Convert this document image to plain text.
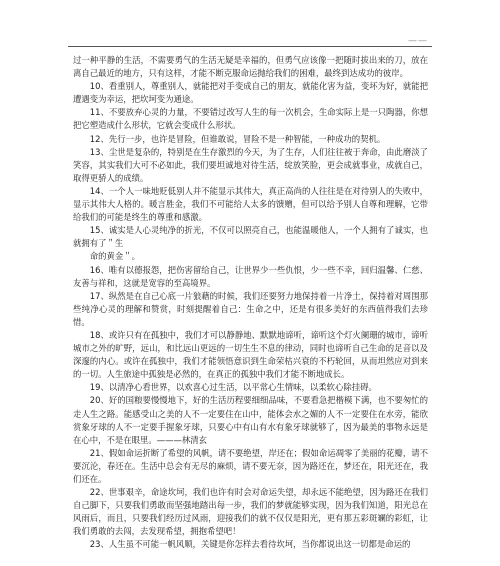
——

过一种平静的生活，不需要勇气的生活无疑是幸福的，但勇气应该像一把随时拔出来的刀，放在离自己最近的地方，只有这样，才能不断克服命运抛给我们的困难，最终到达成功的彼岸。

10、看重别人，尊重别人，就能把对手变成自己的朋友，就能化害为益，变坏为好，就能把遭遇变为幸运，把坎坷变为通途。

11、不要放弃心灵的力量，不要错过改写人生的每一次机会，生命实际上是一只陶器，你想把它塑造成什么形状，它就会变成什么形状。

12、先行一步，也许是冒险，但谁敢说，冒险不是一种智能，一种成功的契机。

13、尘世是复杂的，特别是在生存激烈的今天，为了生存，人们往往被于奔命，由此磨淡了笑容，其实我们大可不必如此，我们要坦诚地对待生活，绽放笑脸，更会成就事业，成就自己，取得更骄人的成绩。

14、一个人一味地贬低别人并不能显示其伟大，真正高尚的人往往是在对待别人的失败中，显示其伟大人格的。暖言胜金，我们不可能给人太多的馈赠，但可以给予别人自尊和理解，它带给我们的可能是终生的尊重和感激。

15、诚实是人心灵纯净的折光，不仅可以照亮自己，也能温暖他人，一个人拥有了诚实，也就拥有了＂生

命的黄金＂。

16、唯有以德报怨，把伤害留给自己，让世界少一些仇恨，少一些不幸，回归温馨、仁慈、友善与祥和，这就是宽容的至高境界。

17、纵然是在自己心底一片狼藉的时候，我们还要努力地保持着一片净土，保持着对周围那些纯净心灵的理解和赞赏，时刻提醒着自己：生命之中，还是有很多美好的东西值得我们去珍惜。

18、或许只有在孤独中，我们才可以静静地、默默地谛听，谛听这个灯火阑珊的城市，谛听城市之外的旷野，远山，和比远山更远的一切生生不息的律动，同时也谛听自己生命的足音以及深邃的内心。或许在孤独中，我们才能领悟意识到生命荣枯兴衰的不朽轮回，从而坦然应对到来的一切。人生旅途中孤独是必然的，在真正的孤独中我们才能不断地成长。

19、以清净心看世界，以欢喜心过生活，以平常心生情味，以柔软心除挂碍。

20、好的国粮要慢慢地下，好的生活历程要细细品味，不要看急把楷模下满，也不要匆忙的走人生之路。能感受山之美的人不一定要住在山中，能体会水之媚的人不一定要住在水旁，能欣赏象牙球的人不一定要手握象牙球，只要心中有山有水有象牙球就够了，因为最美的事物永远是在心中，不是在眼里。———林清玄

21、假如命运折断了希望的风帆，请不要绝望，岸还在；假如命运凋零了美丽的花瓣，请不要沉沦，春还在。生活中总会有无尽的麻烦，请不要无奈，因为路还在，梦还在，阳光还在，我们还在。

22、世事艰辛，命途坎坷，我们也许有时会对命运失望，却永远不能绝望，因为路还在我们自己脚下，只要我们勇敢而坚强地踏出每一步，我们的梦就能够实现，因为我们知道，阳光总在风雨后，而且，只要我们经历过风雨，迎接我们的就不仅仅是阳光，更有那五彩斑斓的彩虹，让我们勇敢的去闯，去发现希望，拥抱希望吧！

23、人生虽不可能一帆风顺，关键是你怎样去看待坎坷，当你都说出这一切都是命运的
